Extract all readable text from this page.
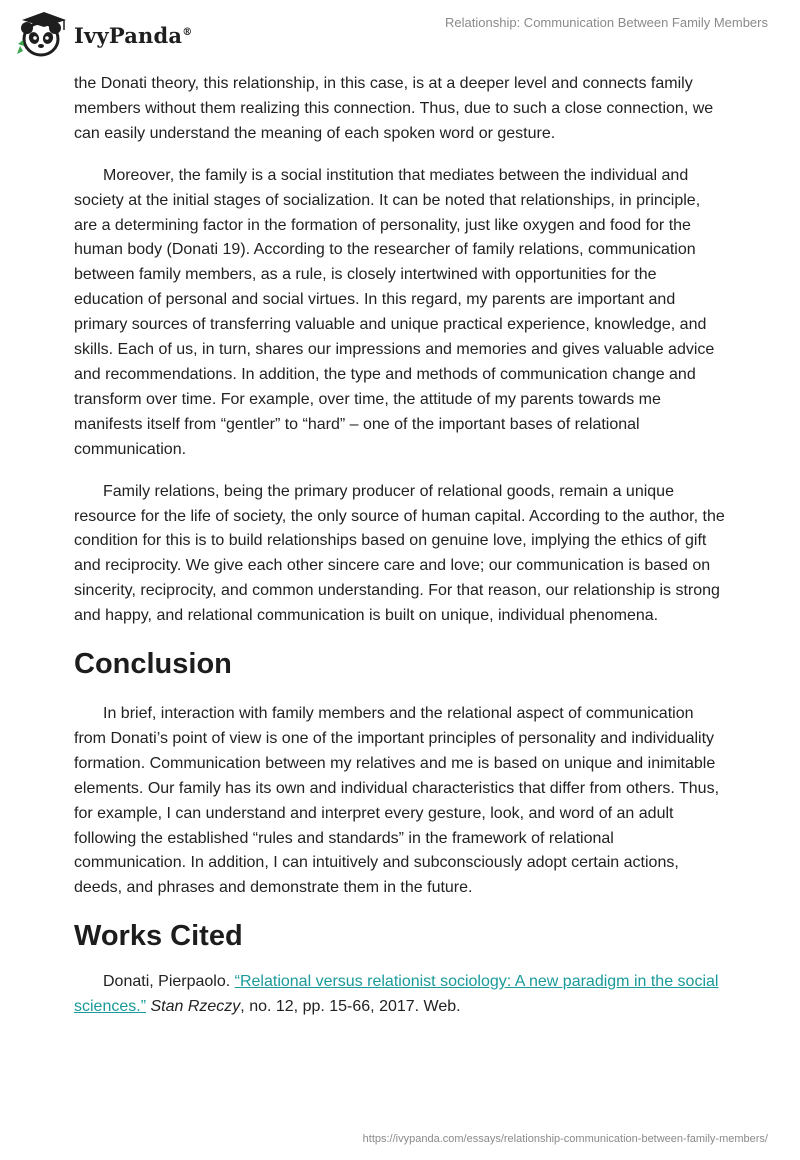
IvyPanda®
Relationship: Communication Between Family Members

the Donati theory, this relationship, in this case, is at a deeper level and connects family members without them realizing this connection. Thus, due to such a close connection, we can easily understand the meaning of each spoken word or gesture.

Moreover, the family is a social institution that mediates between the individual and society at the initial stages of socialization. It can be noted that relationships, in principle, are a determining factor in the formation of personality, just like oxygen and food for the human body (Donati 19). According to the researcher of family relations, communication between family members, as a rule, is closely intertwined with opportunities for the education of personal and social virtues. In this regard, my parents are important and primary sources of transferring valuable and unique practical experience, knowledge, and skills. Each of us, in turn, shares our impressions and memories and gives valuable advice and recommendations. In addition, the type and methods of communication change and transform over time. For example, over time, the attitude of my parents towards me manifests itself from “gentler” to “hard” – one of the important bases of relational communication.

Family relations, being the primary producer of relational goods, remain a unique resource for the life of society, the only source of human capital. According to the author, the condition for this is to build relationships based on genuine love, implying the ethics of gift and reciprocity. We give each other sincere care and love; our communication is based on sincerity, reciprocity, and common understanding. For that reason, our relationship is strong and happy, and relational communication is built on unique, individual phenomena.

Conclusion

In brief, interaction with family members and the relational aspect of communication from Donati’s point of view is one of the important principles of personality and individuality formation. Communication between my relatives and me is based on unique and inimitable elements. Our family has its own and individual characteristics that differ from others. Thus, for example, I can understand and interpret every gesture, look, and word of an adult following the established “rules and standards” in the framework of relational communication. In addition, I can intuitively and subconsciously adopt certain actions, deeds, and phrases and demonstrate them in the future.

Works Cited

Donati, Pierpaolo. “Relational versus relationist sociology: A new paradigm in the social sciences.” Stan Rzeczy, no. 12, pp. 15-66, 2017. Web.

https://ivypanda.com/essays/relationship-communication-between-family-members/
